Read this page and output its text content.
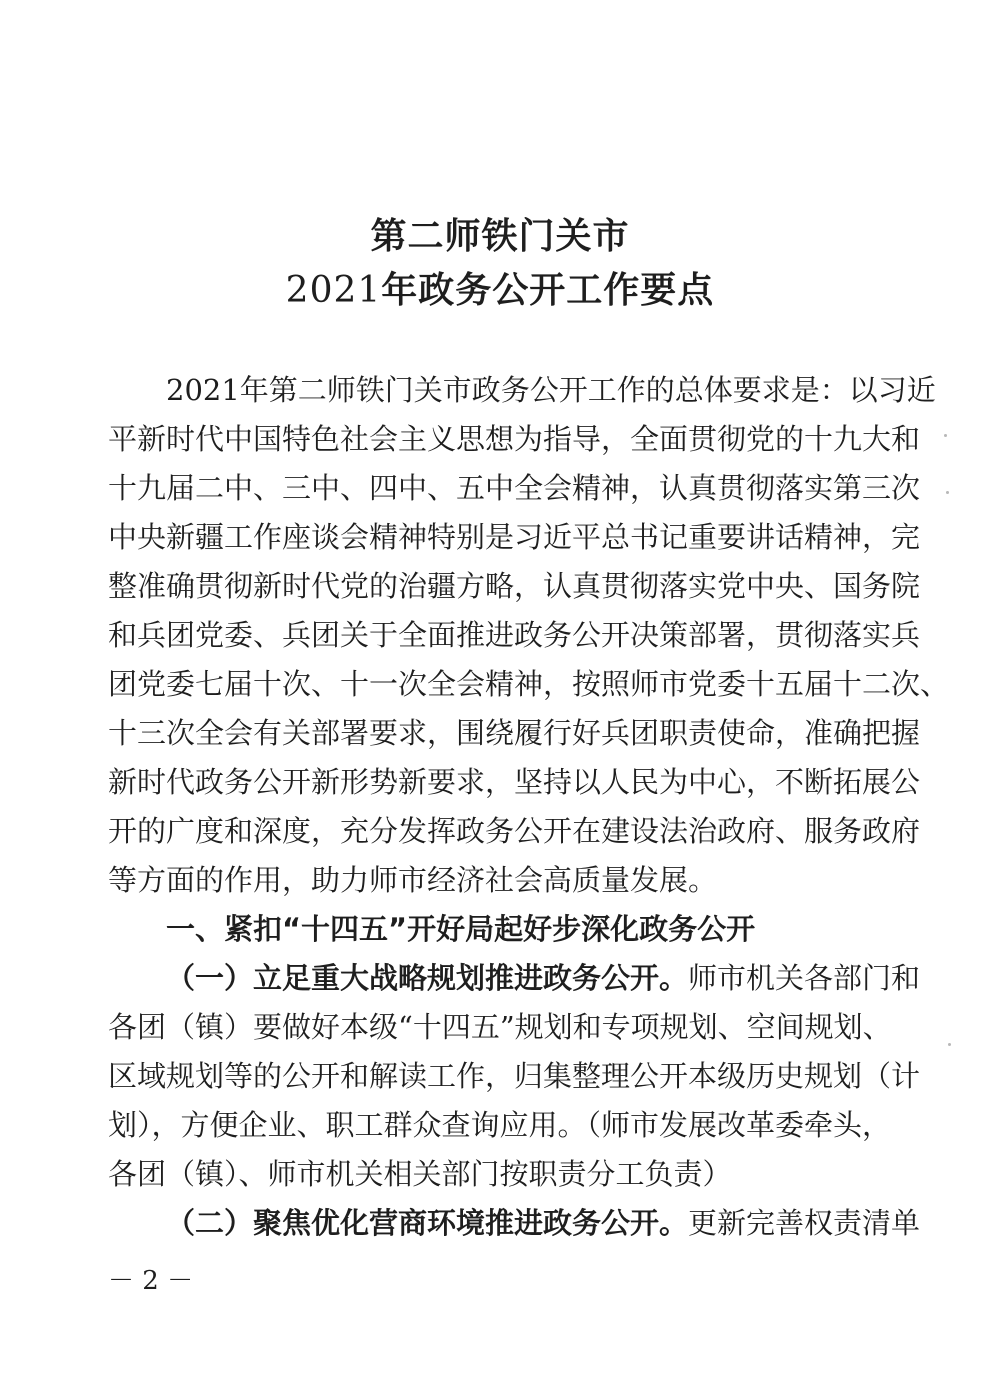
第二师铁门关市
2021年政务公开工作要点
2021年第二师铁门关市政务公开工作的总体要求是：以习近
平新时代中国特色社会主义思想为指导，全面贯彻党的十九大和
十九届二中、三中、四中、五中全会精神，认真贯彻落实第三次
中央新疆工作座谈会精神特别是习近平总书记重要讲话精神，完
整准确贯彻新时代党的治疆方略，认真贯彻落实党中央、国务院
和兵团党委、兵团关于全面推进政务公开决策部署，贯彻落实兵
团党委七届十次、十一次全会精神，按照师市党委十五届十二次、
十三次全会有关部署要求，围绕履行好兵团职责使命，准确把握
新时代政务公开新形势新要求，坚持以人民为中心，不断拓展公
开的广度和深度，充分发挥政务公开在建设法治政府、服务政府
等方面的作用，助力师市经济社会高质量发展。
一、紧扣“十四五”开好局起好步深化政务公开
（一）立足重大战略规划推进政务公开。师市机关各部门和
各团（镇）要做好本级“十四五”规划和专项规划、空间规划、
区域规划等的公开和解读工作，归集整理公开本级历史规划（计
划），方便企业、职工群众查询应用。（师市发展改革委牵头，
各团（镇）、师市机关相关部门按职责分工负责）
（二）聚焦优化营商环境推进政务公开。更新完善权责清单
－ 2 －
